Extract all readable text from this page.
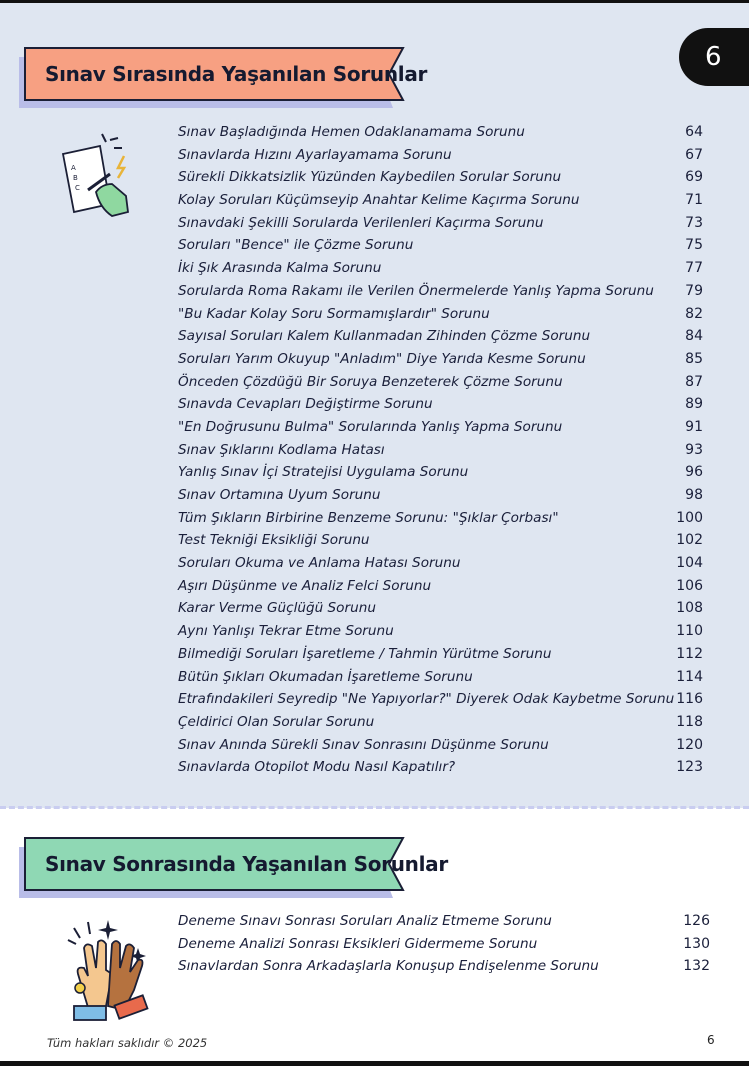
6
Sınav Sırasında Yaşanılan Sorunlar
A
B
C
Sınav Başladığında Hemen Odaklanamama Sorunu	64
Sınavlarda Hızını Ayarlayamama Sorunu	67
Sürekli Dikkatsizlik Yüzünden Kaybedilen Sorular Sorunu	69
Kolay Soruları Küçümseyip Anahtar Kelime Kaçırma Sorunu	71
Sınavdaki Şekilli Sorularda Verilenleri Kaçırma Sorunu	73
Soruları "Bence" ile Çözme Sorunu	75
İki Şık Arasında Kalma Sorunu	77
Sorularda Roma Rakamı ile Verilen Önermelerde Yanlış Yapma Sorunu 79
"Bu Kadar Kolay Soru Sormamışlardır" Sorunu	82
Sayısal Soruları Kalem Kullanmadan Zihinden Çözme Sorunu	84
Soruları Yarım Okuyup "Anladım" Diye Yarıda Kesme Sorunu	85
Önceden Çözdüğü Bir Soruya Benzeterek Çözme Sorunu	87
Sınavda Cevapları Değiştirme Sorunu	89
"En Doğrusunu Bulma" Sorularında Yanlış Yapma Sorunu	91
Sınav Şıklarını Kodlama Hatası	93
Yanlış Sınav İçi Stratejisi Uygulama Sorunu	96
Sınav Ortamına Uyum Sorunu	98
Tüm Şıkların Birbirine Benzeme Sorunu: "Şıklar Çorbası"	100
Test Tekniği Eksikliği Sorunu	102
Soruları Okuma ve Anlama Hatası Sorunu	104
Aşırı Düşünme ve Analiz Felci Sorunu	106
Karar Verme Güçlüğü Sorunu	108
Aynı Yanlışı Tekrar Etme Sorunu	110
Bilmediği Soruları İşaretleme / Tahmin Yürütme Sorunu	112
Bütün Şıkları Okumadan İşaretleme Sorunu	114
Etrafındakileri Seyredip "Ne Yapıyorlar?" Diyerek Odak Kaybetme Sorunu 116
Çeldirici Olan Sorular Sorunu	118
Sınav Anında Sürekli Sınav Sonrasını Düşünme Sorunu	120
Sınavlarda Otopilot Modu Nasıl Kapatılır?	123
Sınav Sonrasında Yaşanılan Sorunlar
Deneme Sınavı Sonrası Soruları Analiz Etmeme Sorunu	126
Deneme Analizi Sonrası Eksikleri Gidermeme Sorunu	130
Sınavlardan Sonra Arkadaşlarla Konuşup Endişelenme Sorunu	132
Tüm hakları saklıdır © 2025	6
